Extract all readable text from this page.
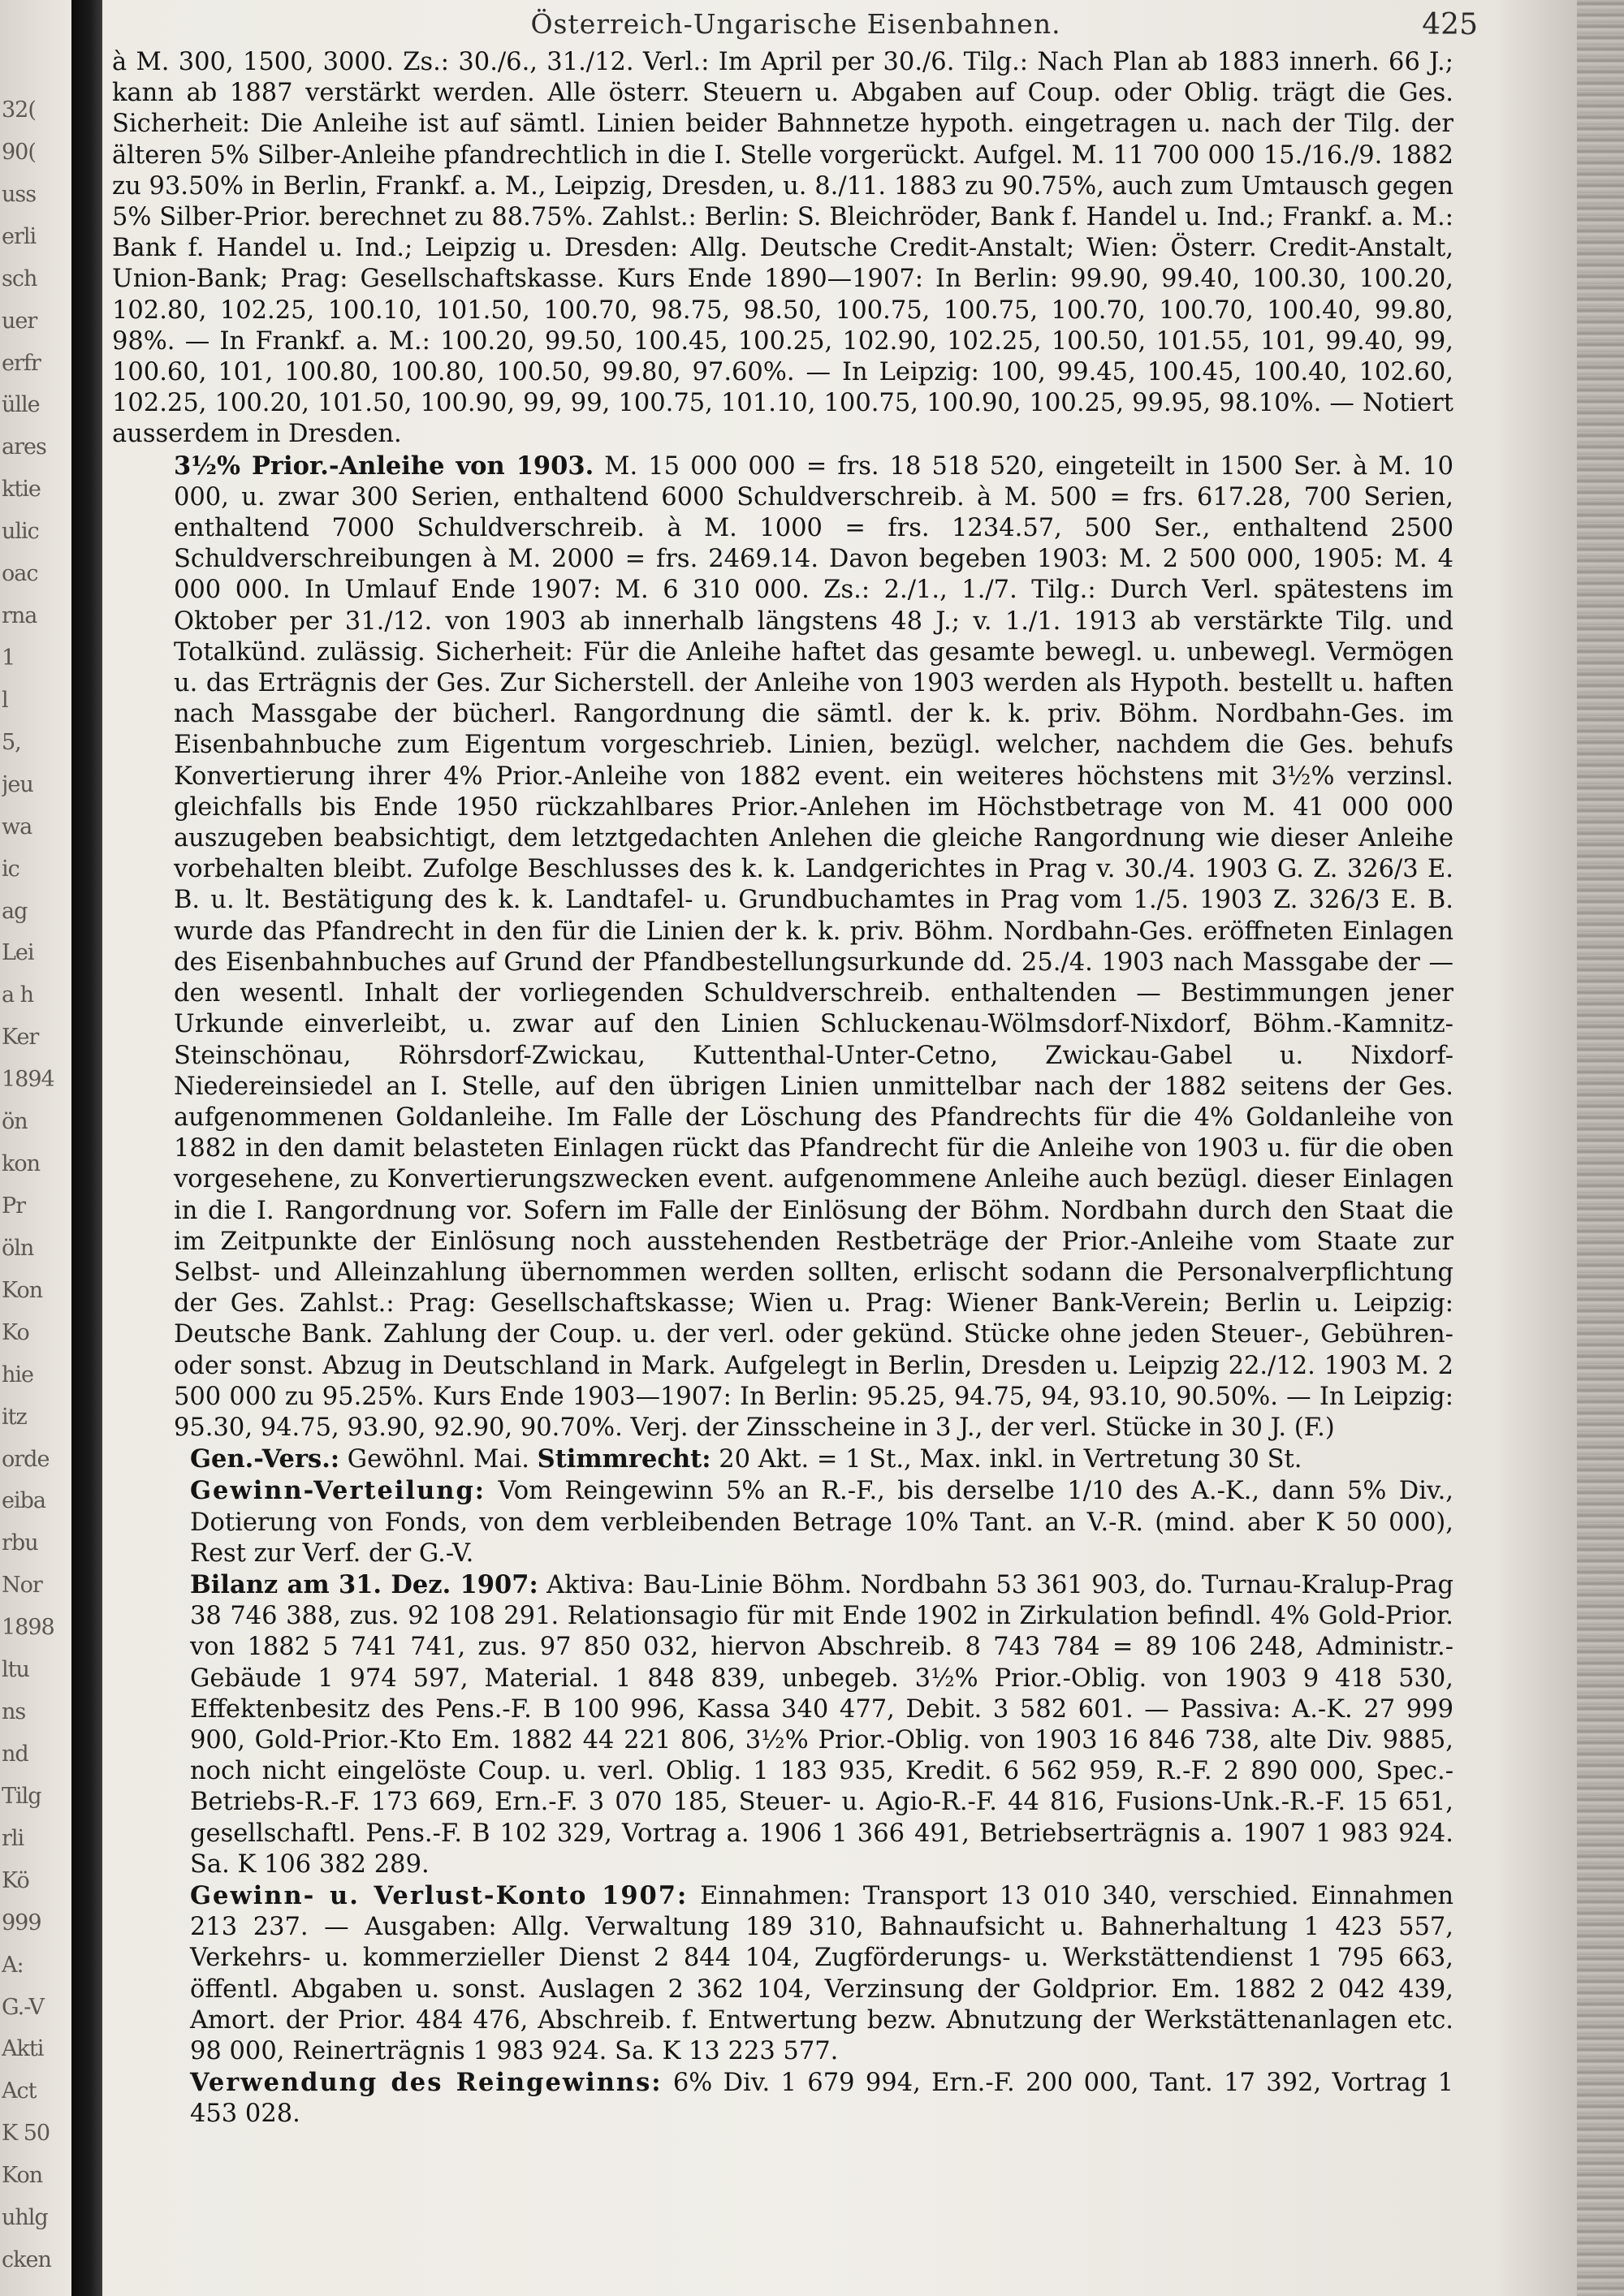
32(
90(
uss
erli
sch
uer
erfr
ülle
ares
ktie
ulic
oac
rna
1
l
5,
jeu
wa
ic
ag
Lei
a h
Ker
1894
ön
kon
Pr
öln
Kon
Ko
hie
itz
orde
eiba
rbu
Nor
1898
ltu
ns
nd
Tilg
rli
Kö
999
A:
G.-V
Akti
Act
K 50
Kon
uhlg
cken
Österreich-Ungarische Eisenbahnen.	425

à M. 300, 1500, 3000. Zs.: 30./6., 31./12. Verl.: Im April per 30./6. Tilg.: Nach Plan ab 1883 innerh. 66 J.; kann ab 1887 verstärkt werden. Alle österr. Steuern u. Abgaben auf Coup. oder Oblig. trägt die Ges. Sicherheit: Die Anleihe ist auf sämtl. Linien beider Bahnnetze hypoth. eingetragen u. nach der Tilg. der älteren 5% Silber-Anleihe pfandrechtlich in die I. Stelle vorgerückt. Aufgel. M. 11 700 000 15./16./9. 1882 zu 93.50% in Berlin, Frankf. a. M., Leipzig, Dresden, u. 8./11. 1883 zu 90.75%, auch zum Umtausch gegen 5% Silber-Prior. berechnet zu 88.75%. Zahlst.: Berlin: S. Bleichröder, Bank f. Handel u. Ind.; Frankf. a. M.: Bank f. Handel u. Ind.; Leipzig u. Dresden: Allg. Deutsche Credit-Anstalt; Wien: Österr. Credit-Anstalt, Union-Bank; Prag: Gesellschaftskasse. Kurs Ende 1890—1907: In Berlin: 99.90, 99.40, 100.30, 100.20, 102.80, 102.25, 100.10, 101.50, 100.70, 98.75, 98.50, 100.75, 100.75, 100.70, 100.70, 100.40, 99.80, 98%. — In Frankf. a. M.: 100.20, 99.50, 100.45, 100.25, 102.90, 102.25, 100.50, 101.55, 101, 99.40, 99, 100.60, 101, 100.80, 100.80, 100.50, 99.80, 97.60%. — In Leipzig: 100, 99.45, 100.45, 100.40, 102.60, 102.25, 100.20, 101.50, 100.90, 99, 99, 100.75, 101.10, 100.75, 100.90, 100.25, 99.95, 98.10%. — Notiert ausserdem in Dresden.

3½% Prior.-Anleihe von 1903. M. 15 000 000 = frs. 18 518 520, eingeteilt in 1500 Ser. à M. 10 000, u. zwar 300 Serien, enthaltend 6000 Schuldverschreib. à M. 500 = frs. 617.28, 700 Serien, enthaltend 7000 Schuldverschreib. à M. 1000 = frs. 1234.57, 500 Ser., enthaltend 2500 Schuldverschreibungen à M. 2000 = frs. 2469.14. Davon begeben 1903: M. 2 500 000, 1905: M. 4 000 000. In Umlauf Ende 1907: M. 6 310 000. Zs.: 2./1., 1./7. Tilg.: Durch Verl. spätestens im Oktober per 31./12. von 1903 ab innerhalb längstens 48 J.; v. 1./1. 1913 ab verstärkte Tilg. und Totalkünd. zulässig. Sicherheit: Für die Anleihe haftet das gesamte bewegl. u. unbewegl. Vermögen u. das Erträgnis der Ges. Zur Sicherstell. der Anleihe von 1903 werden als Hypoth. bestellt u. haften nach Massgabe der bücherl. Rangordnung die sämtl. der k. k. priv. Böhm. Nordbahn-Ges. im Eisenbahnbuche zum Eigentum vorgeschrieb. Linien, bezügl. welcher, nachdem die Ges. behufs Konvertierung ihrer 4% Prior.-Anleihe von 1882 event. ein weiteres höchstens mit 3½% verzinsl. gleichfalls bis Ende 1950 rückzahlbares Prior.-Anlehen im Höchstbetrage von M. 41 000 000 auszugeben beabsichtigt, dem letztgedachten Anlehen die gleiche Rangordnung wie dieser Anleihe vorbehalten bleibt. Zufolge Beschlusses des k. k. Landgerichtes in Prag v. 30./4. 1903 G. Z. 326/3 E. B. u. lt. Bestätigung des k. k. Landtafel- u. Grundbuchamtes in Prag vom 1./5. 1903 Z. 326/3 E. B. wurde das Pfandrecht in den für die Linien der k. k. priv. Böhm. Nordbahn-Ges. eröffneten Einlagen des Eisenbahnbuches auf Grund der Pfandbestellungsurkunde dd. 25./4. 1903 nach Massgabe der — den wesentl. Inhalt der vorliegenden Schuldverschreib. enthaltenden — Bestimmungen jener Urkunde einverleibt, u. zwar auf den Linien Schluckenau-Wölmsdorf-Nixdorf, Böhm.-Kamnitz-Steinschönau, Röhrsdorf-Zwickau, Kuttenthal-Unter-Cetno, Zwickau-Gabel u. Nixdorf-Niedereinsiedel an I. Stelle, auf den übrigen Linien unmittelbar nach der 1882 seitens der Ges. aufgenommenen Goldanleihe. Im Falle der Löschung des Pfandrechts für die 4% Goldanleihe von 1882 in den damit belasteten Einlagen rückt das Pfandrecht für die Anleihe von 1903 u. für die oben vorgesehene, zu Konvertierungszwecken event. aufgenommene Anleihe auch bezügl. dieser Einlagen in die I. Rangordnung vor. Sofern im Falle der Einlösung der Böhm. Nordbahn durch den Staat die im Zeitpunkte der Einlösung noch ausstehenden Restbeträge der Prior.-Anleihe vom Staate zur Selbst- und Alleinzahlung übernommen werden sollten, erlischt sodann die Personalverpflichtung der Ges. Zahlst.: Prag: Gesellschaftskasse; Wien u. Prag: Wiener Bank-Verein; Berlin u. Leipzig: Deutsche Bank. Zahlung der Coup. u. der verl. oder gekünd. Stücke ohne jeden Steuer-, Gebühren- oder sonst. Abzug in Deutschland in Mark. Aufgelegt in Berlin, Dresden u. Leipzig 22./12. 1903 M. 2 500 000 zu 95.25%. Kurs Ende 1903—1907: In Berlin: 95.25, 94.75, 94, 93.10, 90.50%. — In Leipzig: 95.30, 94.75, 93.90, 92.90, 90.70%. Verj. der Zinsscheine in 3 J., der verl. Stücke in 30 J. (F.)

Gen.-Vers.: Gewöhnl. Mai. Stimmrecht: 20 Akt. = 1 St., Max. inkl. in Vertretung 30 St.

Gewinn-Verteilung: Vom Reingewinn 5% an R.-F., bis derselbe 1/10 des A.-K., dann 5% Div., Dotierung von Fonds, von dem verbleibenden Betrage 10% Tant. an V.-R. (mind. aber K 50 000), Rest zur Verf. der G.-V.

Bilanz am 31. Dez. 1907: Aktiva: Bau-Linie Böhm. Nordbahn 53 361 903, do. Turnau-Kralup-Prag 38 746 388, zus. 92 108 291. Relationsagio für mit Ende 1902 in Zirkulation befindl. 4% Gold-Prior. von 1882 5 741 741, zus. 97 850 032, hiervon Abschreib. 8 743 784 = 89 106 248, Administr.-Gebäude 1 974 597, Material. 1 848 839, unbegeb. 3½% Prior.-Oblig. von 1903 9 418 530, Effektenbesitz des Pens.-F. B 100 996, Kassa 340 477, Debit. 3 582 601. — Passiva: A.-K. 27 999 900, Gold-Prior.-Kto Em. 1882 44 221 806, 3½% Prior.-Oblig. von 1903 16 846 738, alte Div. 9885, noch nicht eingelöste Coup. u. verl. Oblig. 1 183 935, Kredit. 6 562 959, R.-F. 2 890 000, Spec.-Betriebs-R.-F. 173 669, Ern.-F. 3 070 185, Steuer- u. Agio-R.-F. 44 816, Fusions-Unk.-R.-F. 15 651, gesellschaftl. Pens.-F. B 102 329, Vortrag a. 1906 1 366 491, Betriebserträgnis a. 1907 1 983 924. Sa. K 106 382 289.

Gewinn- u. Verlust-Konto 1907: Einnahmen: Transport 13 010 340, verschied. Einnahmen 213 237. — Ausgaben: Allg. Verwaltung 189 310, Bahnaufsicht u. Bahnerhaltung 1 423 557, Verkehrs- u. kommerzieller Dienst 2 844 104, Zugförderungs- u. Werkstättendienst 1 795 663, öffentl. Abgaben u. sonst. Auslagen 2 362 104, Verzinsung der Goldprior. Em. 1882 2 042 439, Amort. der Prior. 484 476, Abschreib. f. Entwertung bezw. Abnutzung der Werkstättenanlagen etc. 98 000, Reinerträgnis 1 983 924. Sa. K 13 223 577.

Verwendung des Reingewinns: 6% Div. 1 679 994, Ern.-F. 200 000, Tant. 17 392, Vortrag 1 453 028.
